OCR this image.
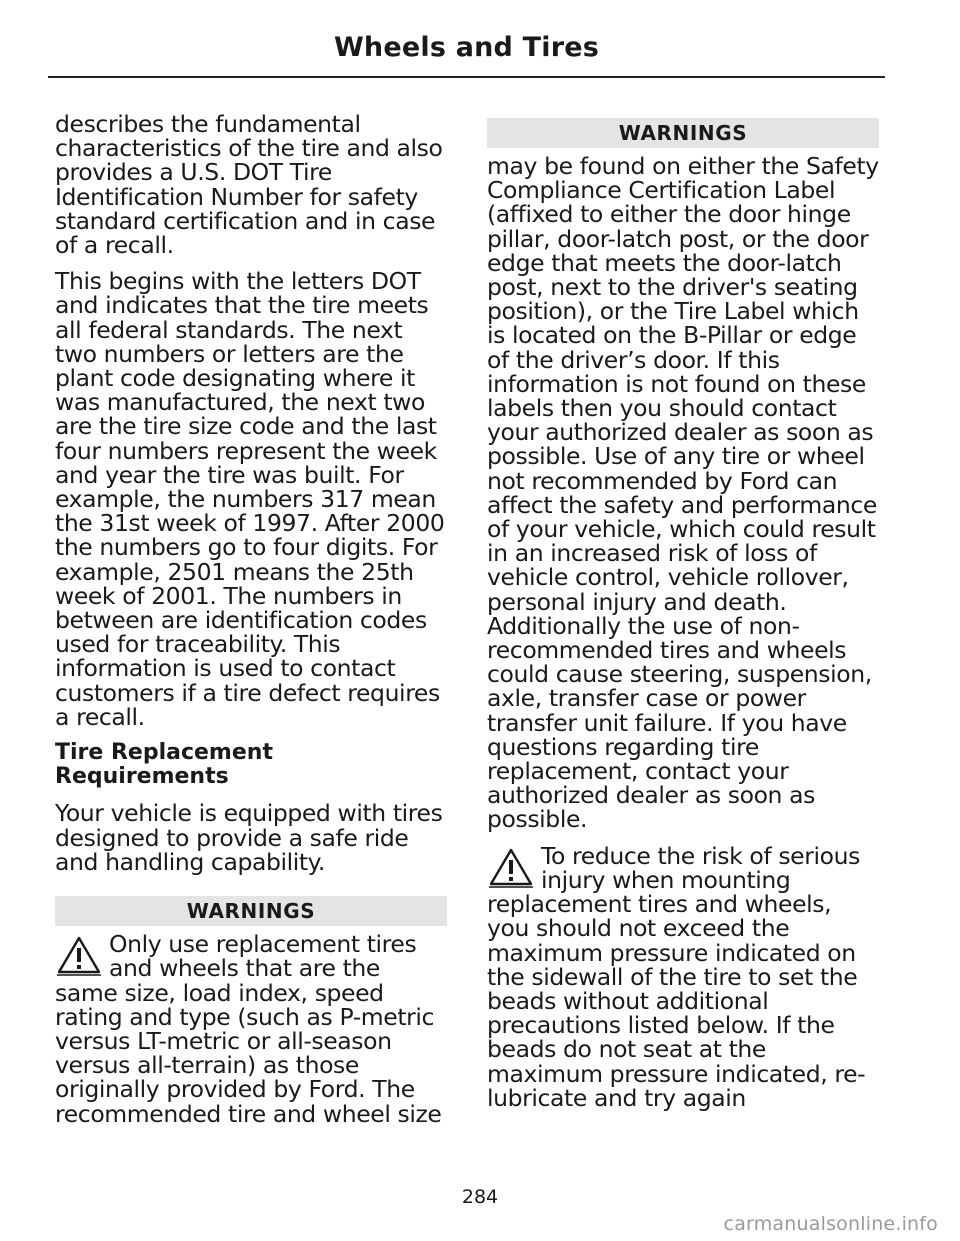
Wheels and Tires

describes the fundamental characteristics of the tire and also provides a U.S. DOT Tire Identification Number for safety standard certification and in case of a recall.

This begins with the letters DOT and indicates that the tire meets all federal standards. The next two numbers or letters are the plant code designating where it was manufactured, the next two are the tire size code and the last four numbers represent the week and year the tire was built. For example, the numbers 317 mean the 31st week of 1997. After 2000 the numbers go to four digits. For example, 2501 means the 25th week of 2001. The numbers in between are identification codes used for traceability. This information is used to contact customers if a tire defect requires a recall.

Tire Replacement Requirements

Your vehicle is equipped with tires designed to provide a safe ride and handling capability.

WARNINGS
Only use replacement tires and wheels that are the same size, load index, speed rating and type (such as P-metric versus LT-metric or all-season versus all-terrain) as those originally provided by Ford. The recommended tire and wheel size
WARNINGS

may be found on either the Safety Compliance Certification Label (affixed to either the door hinge pillar, door-latch post, or the door edge that meets the door-latch post, next to the driver's seating position), or the Tire Label which is located on the B-Pillar or edge of the driver’s door. If this information is not found on these labels then you should contact your authorized dealer as soon as possible. Use of any tire or wheel not recommended by Ford can affect the safety and performance of your vehicle, which could result in an increased risk of loss of vehicle control, vehicle rollover, personal injury and death. Additionally the use of non-recommended tires and wheels could cause steering, suspension, axle, transfer case or power transfer unit failure. If you have questions regarding tire replacement, contact your authorized dealer as soon as possible.

To reduce the risk of serious injury when mounting replacement tires and wheels, you should not exceed the maximum pressure indicated on the sidewall of the tire to set the beads without additional precautions listed below. If the beads do not seat at the maximum pressure indicated, re-lubricate and try again
284
carmanualsonline.info
